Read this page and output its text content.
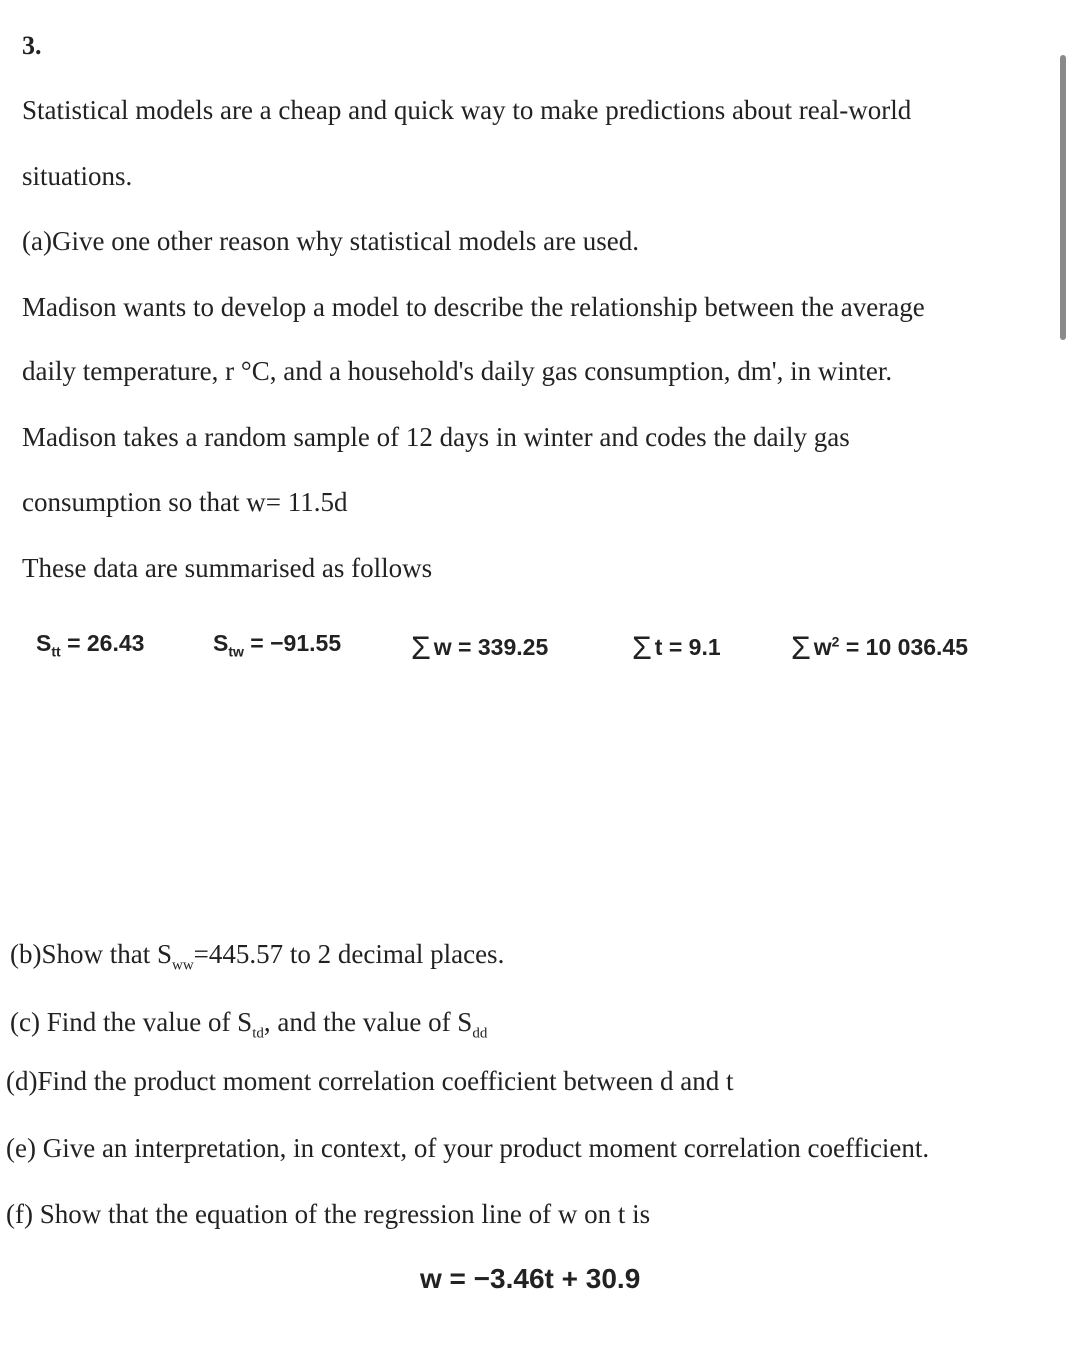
3.
Statistical models are a cheap and quick way to make predictions about real-world
situations.
(a)Give one other reason why statistical models are used.
Madison wants to develop a model to describe the relationship between the average
daily temperature, r °C, and a household's daily gas consumption, dm', in winter.
Madison takes a random sample of 12 days in winter and codes the daily gas
consumption so that w= 11.5d
These data are summarised as follows
$S_{tt} = 26.43$	$S_{tw} = -91.55$ Σ w = 339.25	Σ t = 9.1 Σ $w^2 = 10$ 036.45
(b)Show that $S_{ww}=445.57$ to 2 decimal places.
(c) Find the value of $S_{td}$, and the value of $S_{dd}$
(d)Find the product moment correlation coefficient between d and t
(e) Give an interpretation, in context, of your product moment correlation coefficient.
(f) Show that the equation of the regression line of w on t is
w = −3.46t + 30.9
